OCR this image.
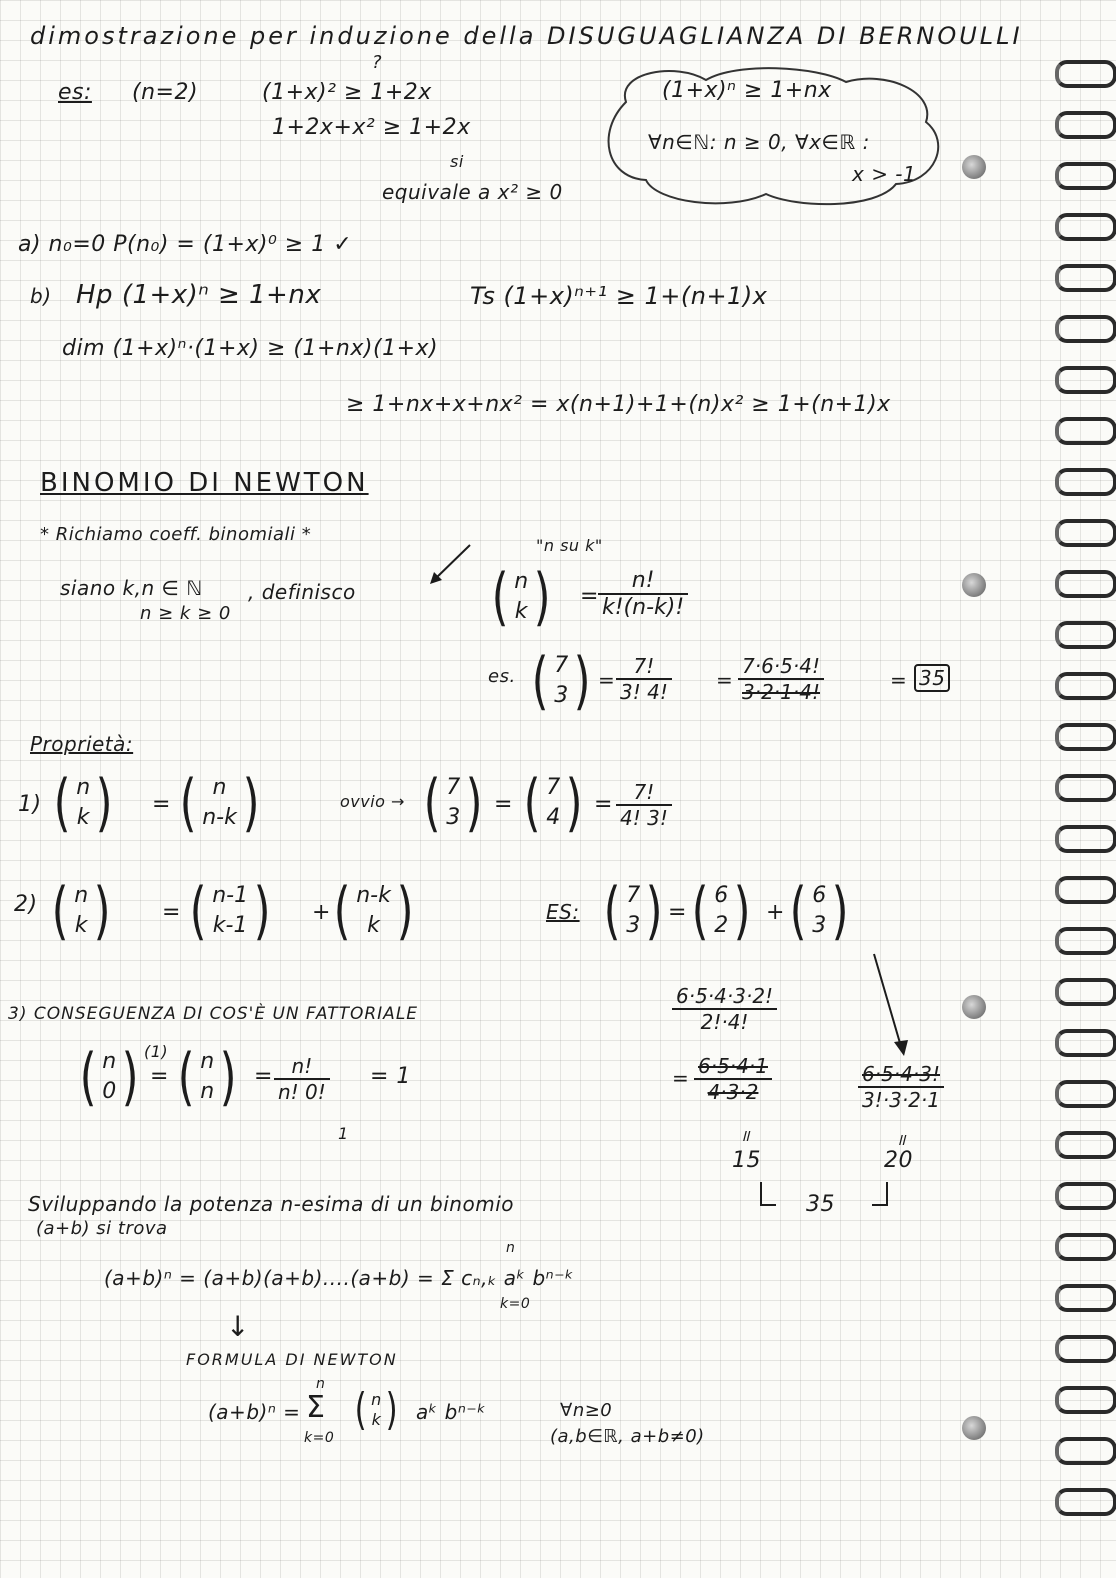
dimostrazione per induzione della DISUGUAGLIANZA DI BERNOULLI
es: (n=2)	(1+x)² ≥ 1+2x
?
1+2x+x² ≥ 1+2x
si
equivale a x² ≥ 0
(1+x)ⁿ ≥ 1+nx
∀n∈ℕ: n ≥ 0, ∀x∈ℝ :
x > -1
a) n₀=0 P(n₀) = (1+x)⁰ ≥ 1 ✓
b) Hp (1+x)ⁿ ≥ 1+nx	Ts (1+x)ⁿ⁺¹ ≥ 1+(n+1)x
dim (1+x)ⁿ·(1+x) ≥ (1+nx)(1+x)
≥ 1+nx+x+nx² = x(n+1)+1+(n)x² ≥ 1+(n+1)x
BINOMIO DI NEWTON
* Richiamo coeff. binomiali *
"n su k"
siano k,n ∈ ℕ
n ≥ k ≥ 0
, definisco ( n
k ) = $\frac{n!}{k!(n-k)!}$
es. ( 7
3 ) = $\frac{7!}{3! 4!} = \frac{7\cdot 6\cdot 5\cdot 4!}{3\cdot 2\cdot 1\cdot 4!}$	= 35
Proprietà:
1) ( n
k ) = ( n
n-k )	ovvio → ( 7
3 ) = ( 7
4 ) = $\frac{7!}{4! 3!}$
2) ( n
k ) = ( n-1
k-1 ) + ( n-k
k )	ES: ( 7
3 ) = ( 6
2 ) + ( 6
3 )
$\frac{6\cdot 5\cdot 4\cdot 3\cdot 2!}{2!\cdot 4!}$
= $\frac{6\cdot 5\cdot 4\cdot 1}{4\cdot 3\cdot 2}$
॥
15
$\frac{6\cdot 5\cdot 4\cdot 3!}{3!\cdot 3\cdot 2\cdot 1}$
॥
20
35
3) CONSEGUENZA DI COS'È UN FATTORIALE
( n
0 ) (1)
= ( n
n ) = $\frac{n!}{n! 0!} = 1$
1
Sviluppando la potenza n-esima di un binomio
(a+b) si trova
(a+b)ⁿ = (a+b)(a+b)....(a+b) = Σ cₙ,ₖ aᵏ bⁿ⁻ᵏ
n
k=0
↓
FORMULA DI NEWTON
(a+b)ⁿ =
n
Σ
k=0
( n
k ) aᵏ bⁿ⁻ᵏ	∀n≥0
(a,b∈ℝ, a+b≠0)
